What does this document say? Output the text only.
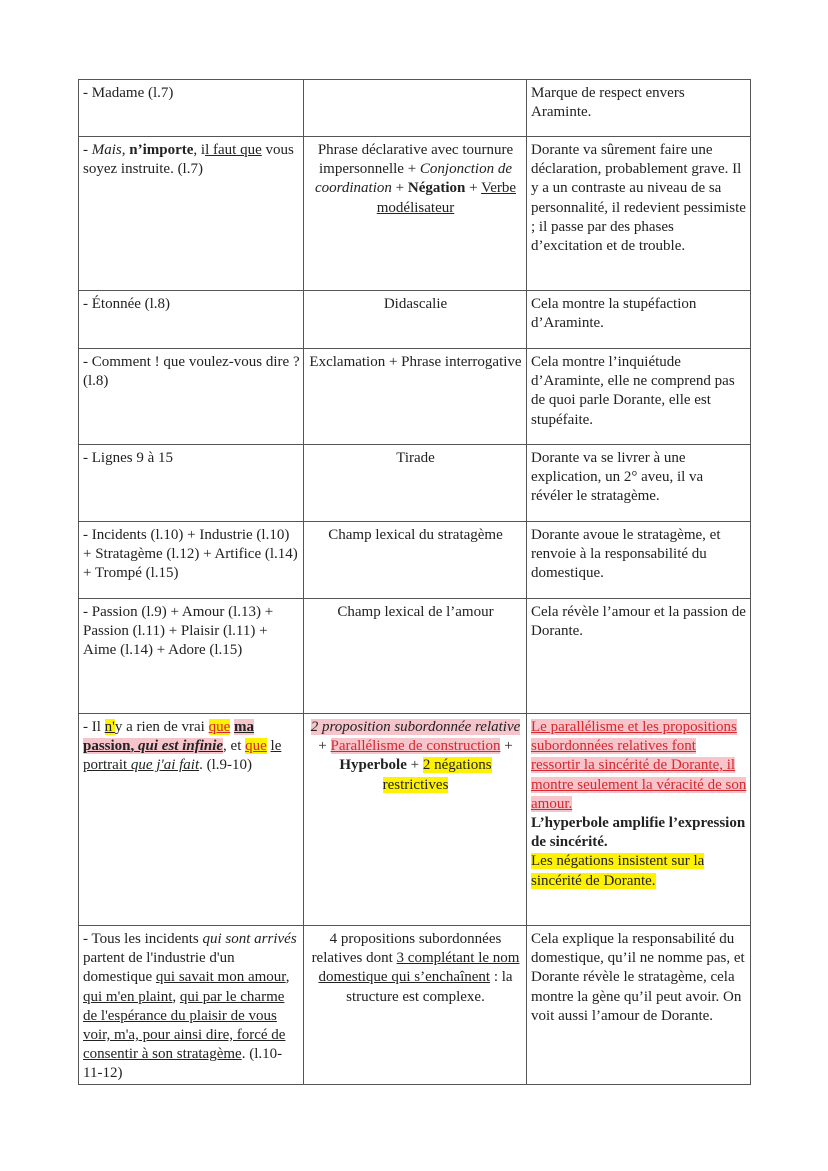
- Madame (l.7)		Marque de respect envers Araminte.
- Mais, n’importe, il faut que vous soyez instruite. (l.7)	Phrase déclarative avec tournure impersonnelle + Conjonction de coordination + Négation + Verbe modélisateur	Dorante va sûrement faire une déclaration, probablement grave. Il y a un contraste au niveau de sa personnalité, il redevient pessimiste ; il passe par des phases d’excitation et de trouble.
- Étonnée (l.8)	Didascalie	Cela montre la stupéfaction d’Araminte.
- Comment ! que voulez-vous dire ? (l.8)	Exclamation + Phrase interrogative	Cela montre l’inquiétude d’Araminte, elle ne comprend pas de quoi parle Dorante, elle est stupéfaite.
- Lignes 9 à 15	Tirade	Dorante va se livrer à une explication, un 2° aveu, il va révéler le stratagème.
- Incidents (l.10) + Industrie (l.10) + Stratagème (l.12) + Artifice (l.14) + Trompé (l.15)	Champ lexical du stratagème	Dorante avoue le stratagème, et renvoie à la responsabilité du domestique.
- Passion (l.9) + Amour (l.13) + Passion (l.11) + Plaisir (l.11) + Aime (l.14) + Adore (l.15)	Champ lexical de l’amour	Cela révèle l’amour et la passion de Dorante.
- Il n'y a rien de vrai que ma passion, qui est infinie, et que le portrait que j'ai fait. (l.9-10)	2 proposition subordonnée relative + Parallélisme de construction + Hyperbole + 2 négations restrictives	Le parallélisme et les propositions subordonnées relatives font ressortir la sincérité de Dorante, il montre seulement la véracité de son amour.

L’hyperbole amplifie l’expression de sincérité.

Les négations insistent sur la sincérité de Dorante.

- Tous les incidents qui sont arrivés partent de l'industrie d'un domestique qui savait mon amour, qui m'en plaint, qui par le charme de l'espérance du plaisir de vous voir, m'a, pour ainsi dire, forcé de consentir à son stratagème. (l.10-11-12)	4 propositions subordonnées relatives dont 3 complétant le nom domestique qui s’enchaînent : la structure est complexe.	Cela explique la responsabilité du domestique, qu’il ne nomme pas, et Dorante révèle le stratagème, cela montre la gène qu’il peut avoir. On voit aussi l’amour de Dorante.
